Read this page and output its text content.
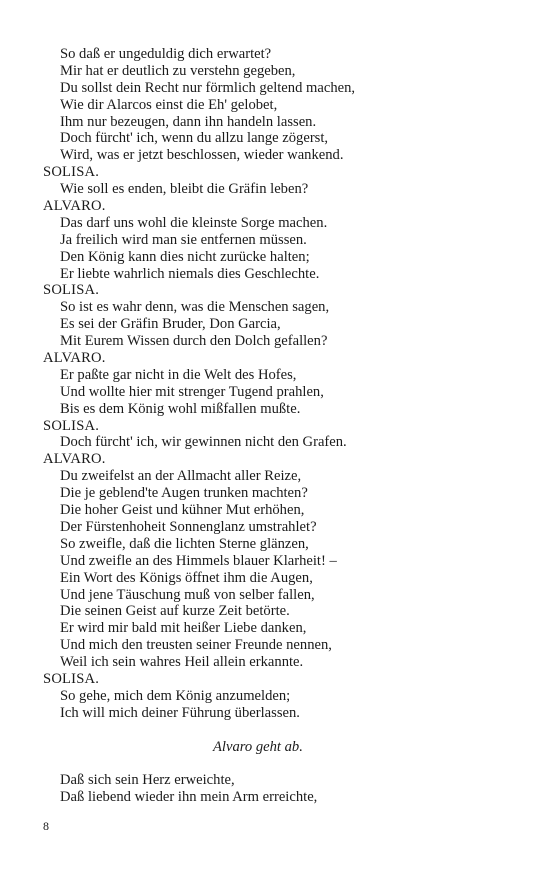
So daß er ungeduldig dich erwartet?
Mir hat er deutlich zu verstehn gegeben,
Du sollst dein Recht nur förmlich geltend machen,
Wie dir Alarcos einst die Eh' gelobet,
Ihm nur bezeugen, dann ihn handeln lassen.
Doch fürcht' ich, wenn du allzu lange zögerst,
Wird, was er jetzt beschlossen, wieder wankend.
SOLISA.
Wie soll es enden, bleibt die Gräfin leben?
ALVARO.
Das darf uns wohl die kleinste Sorge machen.
Ja freilich wird man sie entfernen müssen.
Den König kann dies nicht zurücke halten;
Er liebte wahrlich niemals dies Geschlechte.
SOLISA.
So ist es wahr denn, was die Menschen sagen,
Es sei der Gräfin Bruder, Don Garcia,
Mit Eurem Wissen durch den Dolch gefallen?
ALVARO.
Er paßte gar nicht in die Welt des Hofes,
Und wollte hier mit strenger Tugend prahlen,
Bis es dem König wohl mißfallen mußte.
SOLISA.
Doch fürcht' ich, wir gewinnen nicht den Grafen.
ALVARO.
Du zweifelst an der Allmacht aller Reize,
Die je geblend'te Augen trunken machten?
Die hoher Geist und kühner Mut erhöhen,
Der Fürstenhoheit Sonnenglanz umstrahlet?
So zweifle, daß die lichten Sterne glänzen,
Und zweifle an des Himmels blauer Klarheit! –
Ein Wort des Königs öffnet ihm die Augen,
Und jene Täuschung muß von selber fallen,
Die seinen Geist auf kurze Zeit betörte.
Er wird mir bald mit heißer Liebe danken,
Und mich den treusten seiner Freunde nennen,
Weil ich sein wahres Heil allein erkannte.
SOLISA.
So gehe, mich dem König anzumelden;
Ich will mich deiner Führung überlassen.
Alvaro geht ab.
Daß sich sein Herz erweichte,
Daß liebend wieder ihn mein Arm erreichte,
8
